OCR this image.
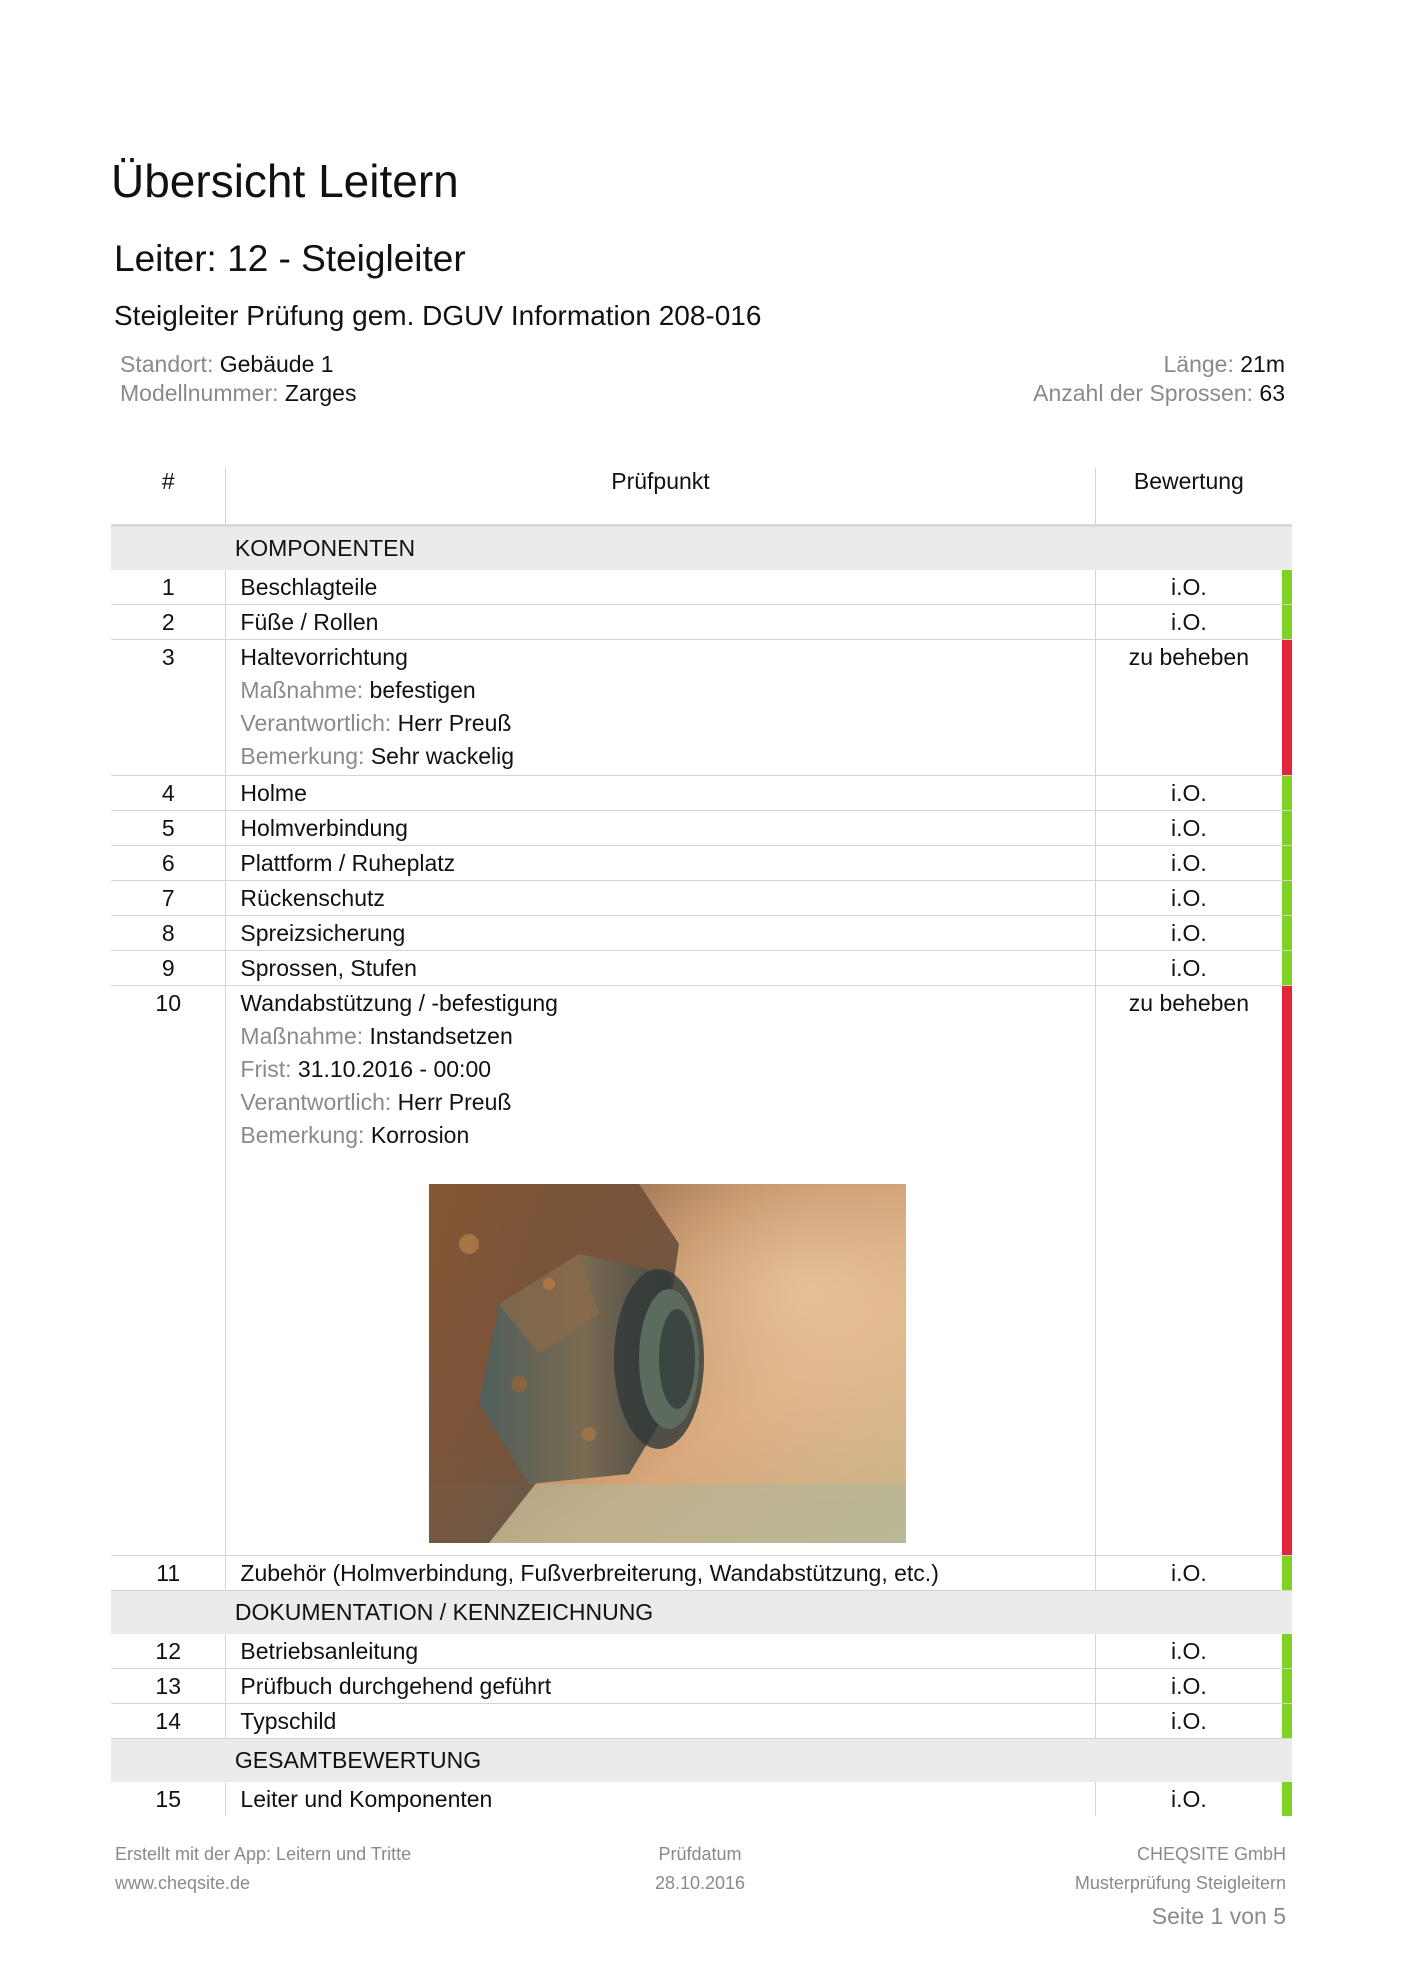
Übersicht Leitern
Leiter: 12 - Steigleiter
Steigleiter Prüfung gem. DGUV Information 208-016
Standort: Gebäude 1
Modellnummer: Zarges
Länge: 21m
Anzahl der Sprossen: 63
#	Prüfpunkt	Bewertung	
	KOMPONENTEN		
1	Beschlagteile	i.O.	
2	Füße / Rollen	i.O.	
3	Haltevorrichtung
Maßnahme: befestigen
Verantwortlich: Herr Preuß
Bemerkung: Sehr wackelig	zu beheben	
4	Holme	i.O.	
5	Holmverbindung	i.O.	
6	Plattform / Ruheplatz	i.O.	
7	Rückenschutz	i.O.	
8	Spreizsicherung	i.O.	
9	Sprossen, Stufen	i.O.	
10	Wandabstützung / -befestigung
Maßnahme: Instandsetzen
Frist: 31.10.2016 - 00:00
Verantwortlich: Herr Preuß
Bemerkung: Korrosion	zu beheben	
11	Zubehör (Holmverbindung, Fußverbreiterung, Wandabstützung, etc.)	i.O.	
	DOKUMENTATION / KENNZEICHNUNG		
12	Betriebsanleitung	i.O.	
13	Prüfbuch durchgehend geführt	i.O.	
14	Typschild	i.O.	
	GESAMTBEWERTUNG		
15	Leiter und Komponenten	i.O.	
Erstellt mit der App: Leitern und Tritte
www.cheqsite.de
Prüfdatum
28.10.2016
CHEQSITE GmbH
Musterprüfung Steigleitern
Seite 1 von 5
